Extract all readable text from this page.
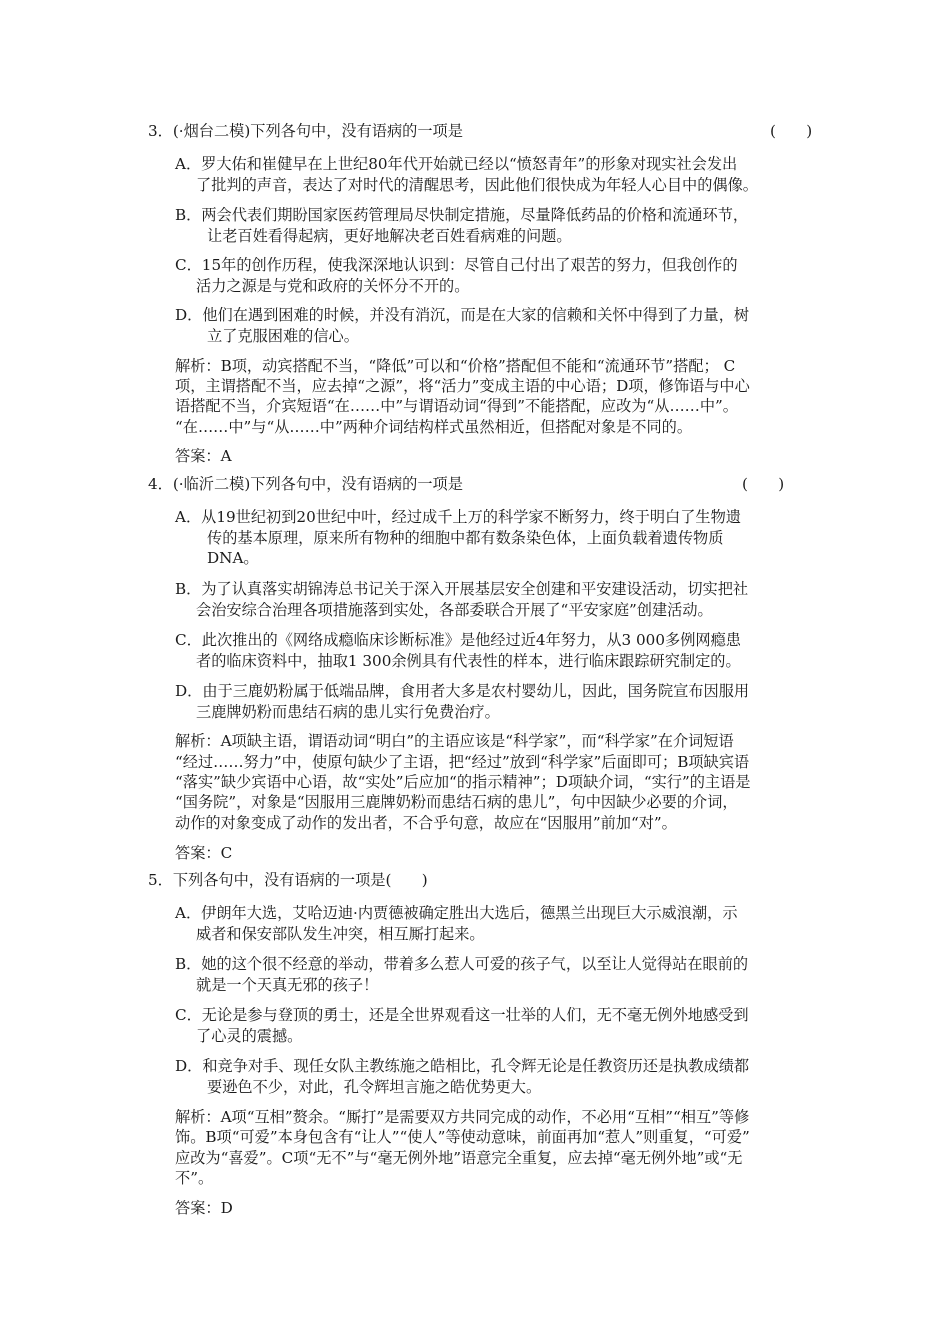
3．(·烟台二模)下列各句中，没有语病的一项是	(　　)
A．罗大佑和崔健早在上世纪80年代开始就已经以“愤怒青年”的形象对现实社会发出
了批判的声音，表达了对时代的清醒思考，因此他们很快成为年轻人心目中的偶像。
B．两会代表们期盼国家医药管理局尽快制定措施，尽量降低药品的价格和流通环节，
让老百姓看得起病，更好地解决老百姓看病难的问题。
C．15年的创作历程，使我深深地认识到：尽管自己付出了艰苦的努力，但我创作的
活力之源是与党和政府的关怀分不开的。
D．他们在遇到困难的时候，并没有消沉，而是在大家的信赖和关怀中得到了力量，树
立了克服困难的信心。
解析：B项，动宾搭配不当，“降低”可以和“价格”搭配但不能和“流通环节”搭配； C
项，主谓搭配不当，应去掉“之源”，将“活力”变成主语的中心语；D项，修饰语与中心
语搭配不当，介宾短语“在……中”与谓语动词“得到”不能搭配，应改为“从……中”。
“在……中”与“从……中”两种介词结构样式虽然相近，但搭配对象是不同的。
答案：A
4．(·临沂二模)下列各句中，没有语病的一项是	(　　)
A．从19世纪初到20世纪中叶，经过成千上万的科学家不断努力，终于明白了生物遗
传的基本原理，原来所有物种的细胞中都有数条染色体，上面负载着遗传物质
DNA。
B．为了认真落实胡锦涛总书记关于深入开展基层安全创建和平安建设活动，切实把社
会治安综合治理各项措施落到实处，各部委联合开展了“平安家庭”创建活动。
C．此次推出的《网络成瘾临床诊断标准》是他经过近4年努力，从3 000多例网瘾患
者的临床资料中，抽取1 300余例具有代表性的样本，进行临床跟踪研究制定的。
D．由于三鹿奶粉属于低端品牌，食用者大多是农村婴幼儿，因此，国务院宣布因服用
三鹿牌奶粉而患结石病的患儿实行免费治疗。
解析：A项缺主语，谓语动词“明白”的主语应该是“科学家”，而“科学家”在介词短语
“经过……努力”中，使原句缺少了主语，把“经过”放到“科学家”后面即可；B项缺宾语
“落实”缺少宾语中心语，故“实处”后应加“的指示精神”；D项缺介词，“实行”的主语是
“国务院”，对象是“因服用三鹿牌奶粉而患结石病的患儿”，句中因缺少必要的介词，
动作的对象变成了动作的发出者，不合乎句意，故应在“因服用”前加“对”。
答案：C
5．下列各句中，没有语病的一项是(　　)
A．伊朗年大选，艾哈迈迪·内贾德被确定胜出大选后，德黑兰出现巨大示威浪潮，示
威者和保安部队发生冲突，相互厮打起来。
B．她的这个很不经意的举动，带着多么惹人可爱的孩子气，以至让人觉得站在眼前的
就是一个天真无邪的孩子！
C．无论是参与登顶的勇士，还是全世界观看这一壮举的人们，无不毫无例外地感受到
了心灵的震撼。
D．和竞争对手、现任女队主教练施之皓相比，孔令辉无论是任教资历还是执教成绩都
要逊色不少，对此，孔令辉坦言施之皓优势更大。
解析：A项“互相”赘余。“厮打”是需要双方共同完成的动作，不必用“互相”“相互”等修
饰。B项“可爱”本身包含有“让人”“使人”等使动意味，前面再加“惹人”则重复，“可爱”
应改为“喜爱”。C项“无不”与“毫无例外地”语意完全重复，应去掉“毫无例外地”或“无
不”。
答案：D
